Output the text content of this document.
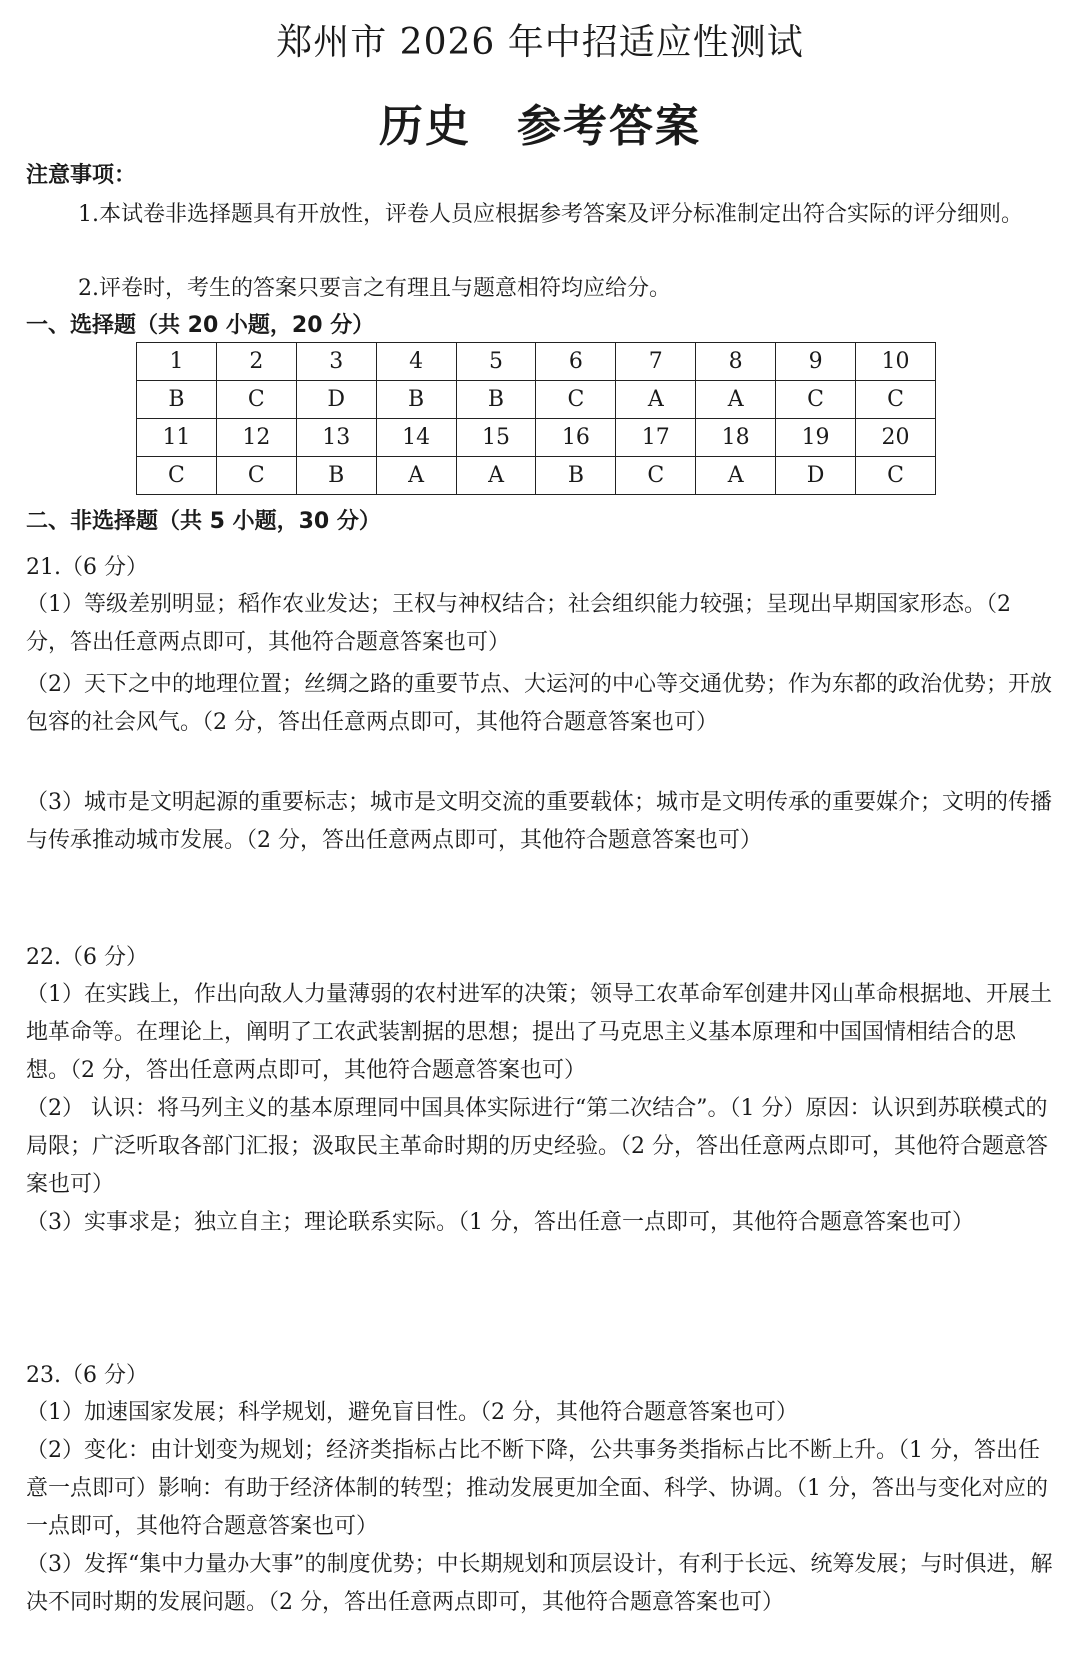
郑州市 2026 年中招适应性测试
历史　参考答案
注意事项：
1.本试卷非选择题具有开放性，评卷人员应根据参考答案及评分标准制定出符合实际的评分细则。
2.评卷时，考生的答案只要言之有理且与题意相符均应给分。
一、选择题（共 20 小题，20 分）
1	2	3	4	5	6	7	8	9	10
B	C	D	B	B	C	A	A	C	C
11	12	13	14	15	16	17	18	19	20
C	C	B	A	A	B	C	A	D	C
二、非选择题（共 5 小题，30 分）
21.（6 分）
（1）等级差别明显；稻作农业发达；王权与神权结合；社会组织能力较强；呈现出早期国家形态。（2 分，答出任意两点即可，其他符合题意答案也可）
（2）天下之中的地理位置；丝绸之路的重要节点、大运河的中心等交通优势；作为东都的政治优势；开放包容的社会风气。（2 分，答出任意两点即可，其他符合题意答案也可）
（3）城市是文明起源的重要标志；城市是文明交流的重要载体；城市是文明传承的重要媒介；文明的传播与传承推动城市发展。（2 分，答出任意两点即可，其他符合题意答案也可）
22.（6 分）
（1）在实践上，作出向敌人力量薄弱的农村进军的决策；领导工农革命军创建井冈山革命根据地、开展土地革命等。在理论上，阐明了工农武装割据的思想；提出了马克思主义基本原理和中国国情相结合的思想。（2 分，答出任意两点即可，其他符合题意答案也可）
（2） 认识：将马列主义的基本原理同中国具体实际进行“第二次结合”。（1 分）原因：认识到苏联模式的局限；广泛听取各部门汇报；汲取民主革命时期的历史经验。（2 分，答出任意两点即可，其他符合题意答案也可）
（3）实事求是；独立自主；理论联系实际。（1 分，答出任意一点即可，其他符合题意答案也可）
23.（6 分）
（1）加速国家发展；科学规划，避免盲目性。（2 分，其他符合题意答案也可）
（2）变化：由计划变为规划；经济类指标占比不断下降，公共事务类指标占比不断上升。（1 分，答出任意一点即可）影响：有助于经济体制的转型；推动发展更加全面、科学、协调。（1 分，答出与变化对应的一点即可，其他符合题意答案也可）
（3）发挥“集中力量办大事”的制度优势；中长期规划和顶层设计，有利于长远、统筹发展；与时俱进，解决不同时期的发展问题。（2 分，答出任意两点即可，其他符合题意答案也可）
